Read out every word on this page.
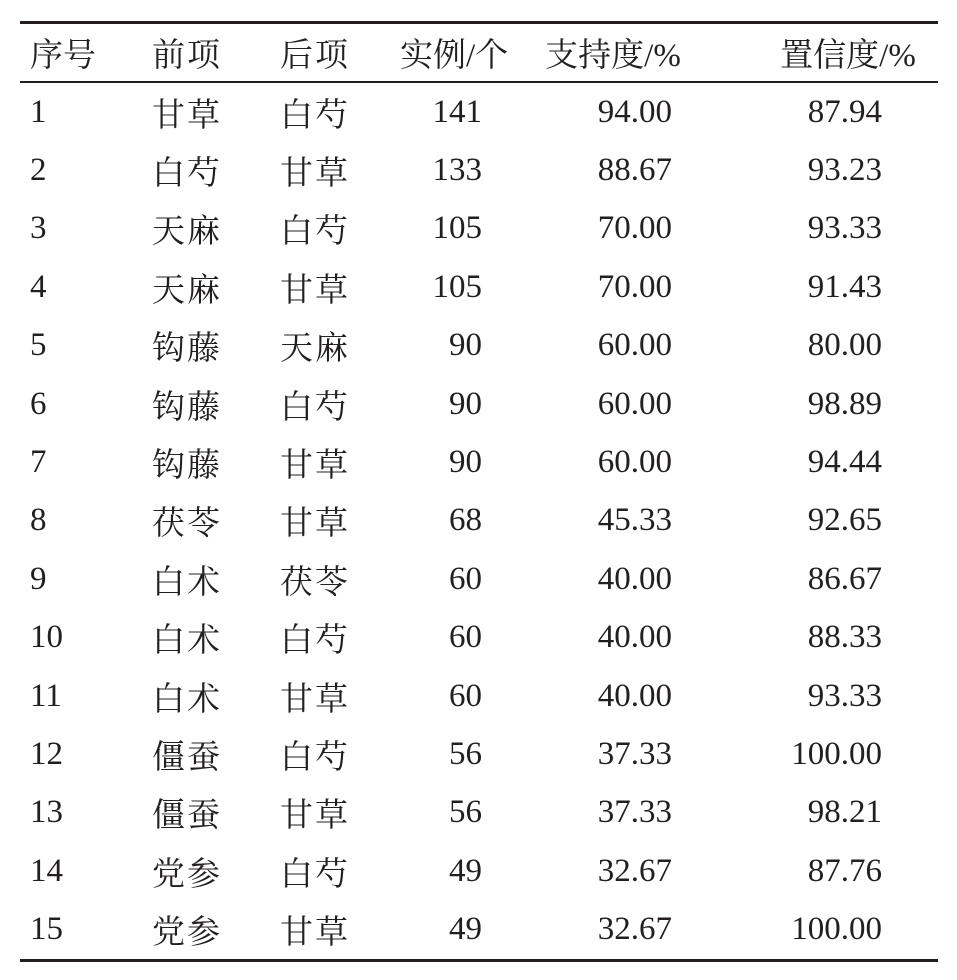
序号	前项	后项	实例/个	支持度/%	置信度/%
1	甘草	白芍	141	94.00	87.94
2	白芍	甘草	133	88.67	93.23
3	天麻	白芍	105	70.00	93.33
4	天麻	甘草	105	70.00	91.43
5	钩藤	天麻	90	60.00	80.00
6	钩藤	白芍	90	60.00	98.89
7	钩藤	甘草	90	60.00	94.44
8	茯苓	甘草	68	45.33	92.65
9	白术	茯苓	60	40.00	86.67
10	白术	白芍	60	40.00	88.33
11	白术	甘草	60	40.00	93.33
12	僵蚕	白芍	56	37.33	100.00
13	僵蚕	甘草	56	37.33	98.21
14	党参	白芍	49	32.67	87.76
15	党参	甘草	49	32.67	100.00
